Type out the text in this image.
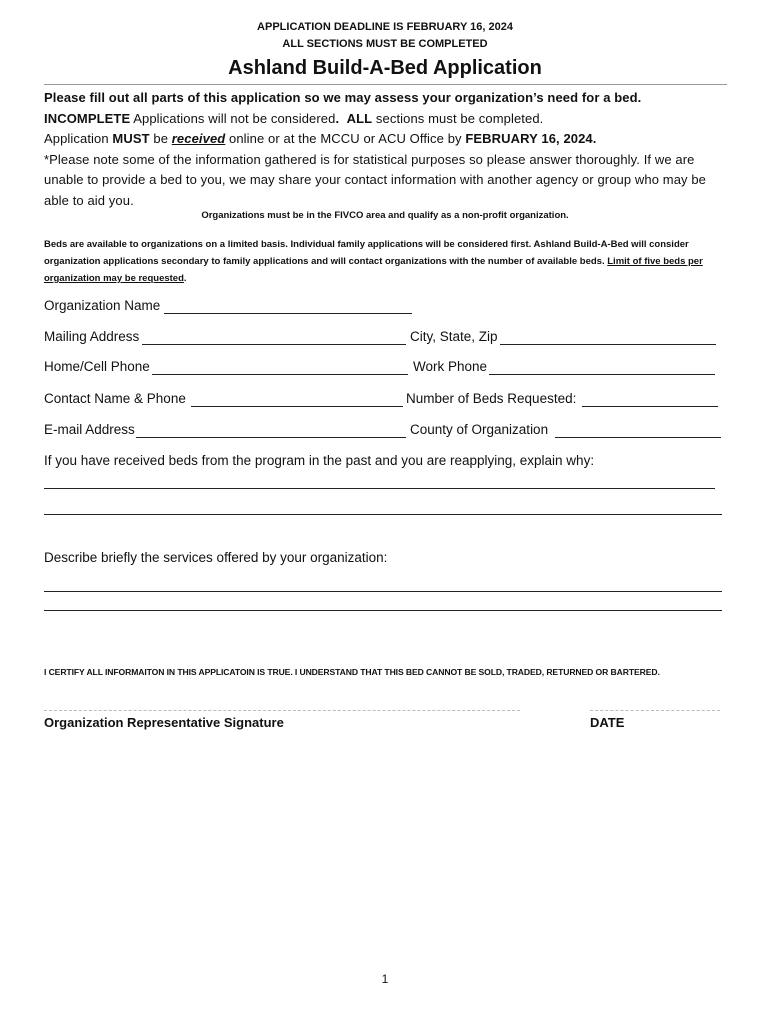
APPLICATION DEADLINE IS FEBRUARY 16, 2024
ALL SECTIONS MUST BE COMPLETED
Ashland Build-A-Bed Application

Please fill out all parts of this application so we may assess your organization’s need for a bed.

INCOMPLETE Applications will not be considered. ALL sections must be completed.

Application MUST be received online or at the MCCU or ACU Office by FEBRUARY 16, 2024.

*Please note some of the information gathered is for statistical purposes so please answer thoroughly. If we are unable to provide a bed to you, we may share your contact information with another agency or group who may be able to aid you.

Organizations must be in the FIVCO area and qualify as a non-profit organization.

Beds are available to organizations on a limited basis. Individual family applications will be considered first. Ashland Build-A-Bed will consider organization applications secondary to family applications and will contact organizations with the number of available beds. Limit of five beds per organization may be requested.

Organization Name
Mailing Address	City, State, Zip
Home/Cell Phone	Work Phone
Contact Name & Phone	Number of Beds Requested:
E-mail Address	County of Organization
If you have received beds from the program in the past and you are reapplying, explain why:
Describe briefly the services offered by your organization:
I CERTIFY ALL INFORMAITON IN THIS APPLICATOIN IS TRUE. I UNDERSTAND THAT THIS BED CANNOT BE SOLD, TRADED, RETURNED OR BARTERED.
Organization Representative Signature	DATE
1
